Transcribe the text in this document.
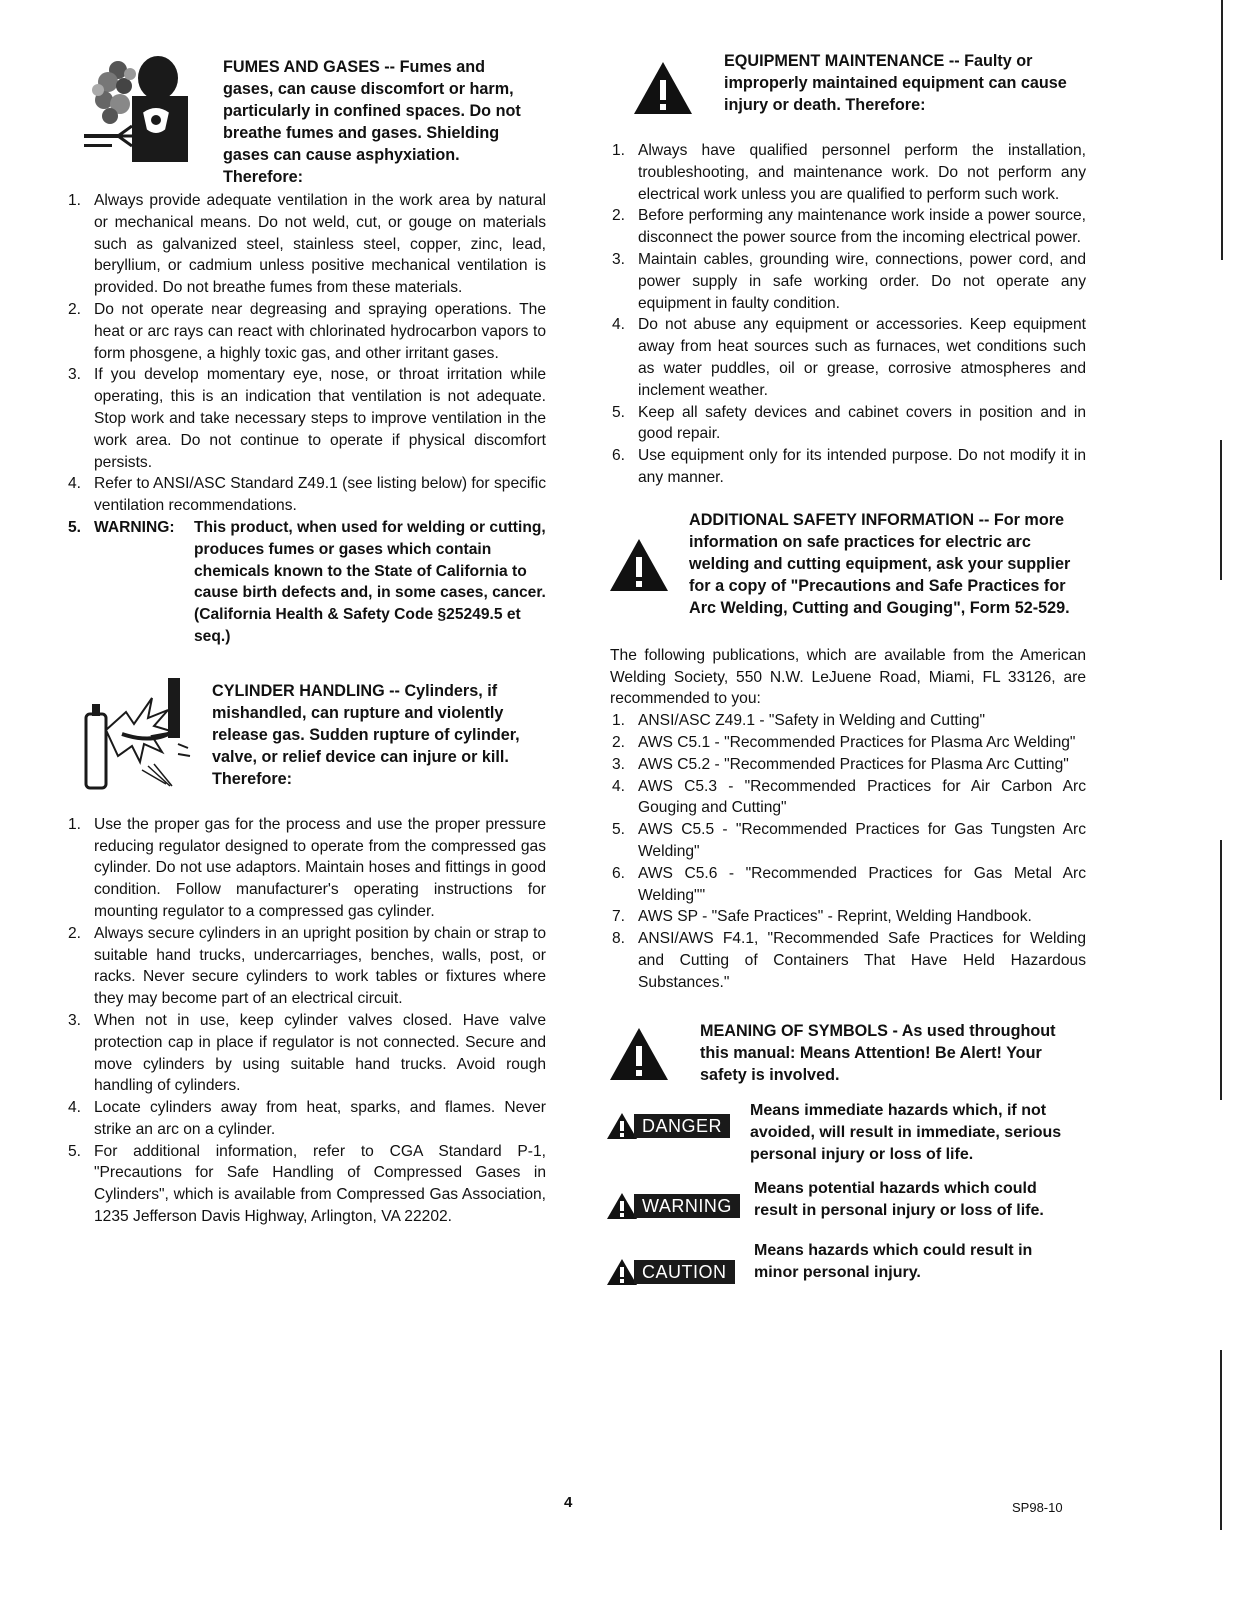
FUMES AND GASES -- Fumes and gases, can cause discomfort or harm, particularly in confined spaces. Do not breathe fumes and gases. Shielding gases can cause asphyxiation. Therefore:
1. Always provide adequate ventilation in the work area by natural or mechanical means. Do not weld, cut, or gouge on materials such as galvanized steel, stainless steel, copper, zinc, lead, beryllium, or cadmium unless positive mechanical ventilation is provided. Do not breathe fumes from these materials.
2. Do not operate near degreasing and spraying operations. The heat or arc rays can react with chlorinated hydrocarbon vapors to form phosgene, a highly toxic gas, and other irritant gases.
3. If you develop momentary eye, nose, or throat irritation while operating, this is an indication that ventilation is not adequate. Stop work and take necessary steps to improve ventilation in the work area. Do not continue to operate if physical discomfort persists.
4. Refer to ANSI/ASC Standard Z49.1 (see listing below) for specific ventilation recommendations.
5. WARNING:	This product, when used for welding or cutting, produces fumes or gases which contain chemicals known to the State of California to cause birth defects and, in some cases, cancer. (California Health & Safety Code §25249.5 et seq.)
CYLINDER HANDLING -- Cylinders, if mishandled, can rupture and violently release gas. Sudden rupture of cylinder, valve, or relief device can injure or kill. Therefore:
1. Use the proper gas for the process and use the proper pressure reducing regulator designed to operate from the compressed gas cylinder. Do not use adaptors. Maintain hoses and fittings in good condition. Follow manufacturer's operating instructions for mounting regulator to a compressed gas cylinder.
2. Always secure cylinders in an upright position by chain or strap to suitable hand trucks, undercarriages, benches, walls, post, or racks. Never secure cylinders to work tables or fixtures where they may become part of an electrical circuit.
3. When not in use, keep cylinder valves closed. Have valve protection cap in place if regulator is not connected. Secure and move cylinders by using suitable hand trucks. Avoid rough handling of cylinders.
4. Locate cylinders away from heat, sparks, and flames. Never strike an arc on a cylinder.
5. For additional information, refer to CGA Standard P-1, "Precautions for Safe Handling of Compressed Gases in Cylinders", which is available from Compressed Gas Association, 1235 Jefferson Davis Highway, Arlington, VA 22202.
EQUIPMENT MAINTENANCE -- Faulty or improperly maintained equipment can cause injury or death. Therefore:
1. Always have qualified personnel perform the installation, troubleshooting, and maintenance work. Do not perform any electrical work unless you are qualified to perform such work.
2. Before performing any maintenance work inside a power source, disconnect the power source from the incoming electrical power.
3. Maintain cables, grounding wire, connections, power cord, and power supply in safe working order. Do not operate any equipment in faulty condition.
4. Do not abuse any equipment or accessories. Keep equipment away from heat sources such as furnaces, wet conditions such as water puddles, oil or grease, corrosive atmospheres and inclement weather.
5. Keep all safety devices and cabinet covers in position and in good repair.
6. Use equipment only for its intended purpose. Do not modify it in any manner.
ADDITIONAL SAFETY INFORMATION -- For more information on safe practices for electric arc welding and cutting equipment, ask your supplier for a copy of "Precautions and Safe Practices for Arc Welding, Cutting and Gouging", Form 52-529.

The following publications, which are available from the American Welding Society, 550 N.W. LeJuene Road, Miami, FL 33126, are recommended to you:

1. ANSI/ASC Z49.1 - "Safety in Welding and Cutting"
2. AWS C5.1 - "Recommended Practices for Plasma Arc Welding"
3. AWS C5.2 - "Recommended Practices for Plasma Arc Cutting"
4. AWS C5.3 - "Recommended Practices for Air Carbon Arc Gouging and Cutting"
5. AWS C5.5 - "Recommended Practices for Gas Tungsten Arc Welding"
6. AWS C5.6 - "Recommended Practices for Gas Metal Arc Welding""
7. AWS SP - "Safe Practices" - Reprint, Welding Handbook.
8. ANSI/AWS F4.1, "Recommended Safe Practices for Welding and Cutting of Containers That Have Held Hazardous Substances."
MEANING OF SYMBOLS - As used throughout this manual: Means Attention! Be Alert! Your safety is involved.
DANGER
Means immediate hazards which, if not avoided, will result in immediate, serious personal injury or loss of life.
WARNING
Means potential hazards which could result in personal injury or loss of life.
CAUTION
Means hazards which could result in minor personal injury.
4	SP98-10
